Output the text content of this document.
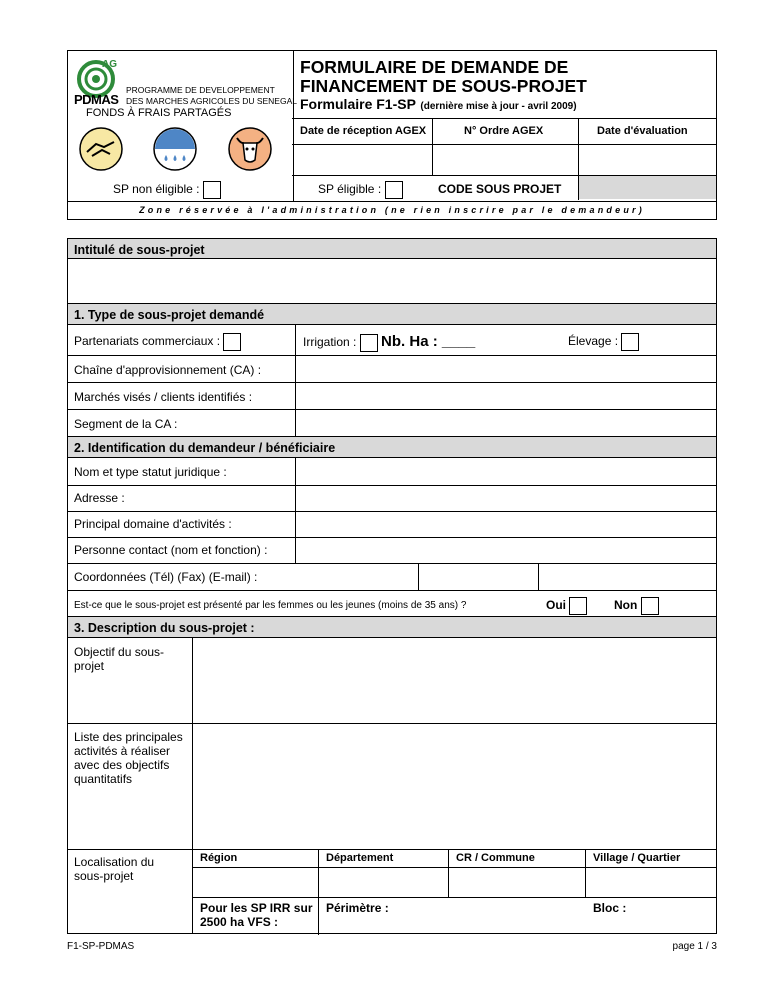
AG
PDMAS
PROGRAMME DE DEVELOPPEMENT
DES MARCHES AGRICOLES DU SENEGAL
FONDS À FRAIS PARTAGÉS
FORMULAIRE DE DEMANDE DE
FINANCEMENT DE SOUS-PROJET
Formulaire F1-SP (dernière mise à jour - avril 2009)
Date de réception AGEX	N° Ordre AGEX	Date d'évaluation
CODE SOUS PROJET
SP non éligible :	SP éligible :
Zone réservée à l'administration (ne rien inscrire par le demandeur)
Intitulé de sous-projet
1. Type de sous-projet demandé
Partenariats commerciaux :	Irrigation : Nb. Ha : ____	Élevage :
Chaîne d'approvisionnement (CA) :
Marchés visés / clients identifiés :
Segment de la CA :
2. Identification du demandeur / bénéficiaire
Nom et type statut juridique :
Adresse :
Principal domaine d'activités :
Personne contact (nom et fonction) :
Coordonnées (Tél) (Fax) (E-mail) :
Est-ce que le sous-projet est présenté par les femmes ou les jeunes (moins de 35 ans) ?	Oui	Non
3. Description du sous-projet :
Objectif du sous-projet
Liste des principales activités à réaliser avec des objectifs quantitatifs
Localisation du sous-projet
Région	Département	CR / Commune	Village / Quartier
Pour les SP IRR sur 2500 ha VFS :
Périmètre :	Bloc :
F1-SP-PDMAS	page 1 / 3
